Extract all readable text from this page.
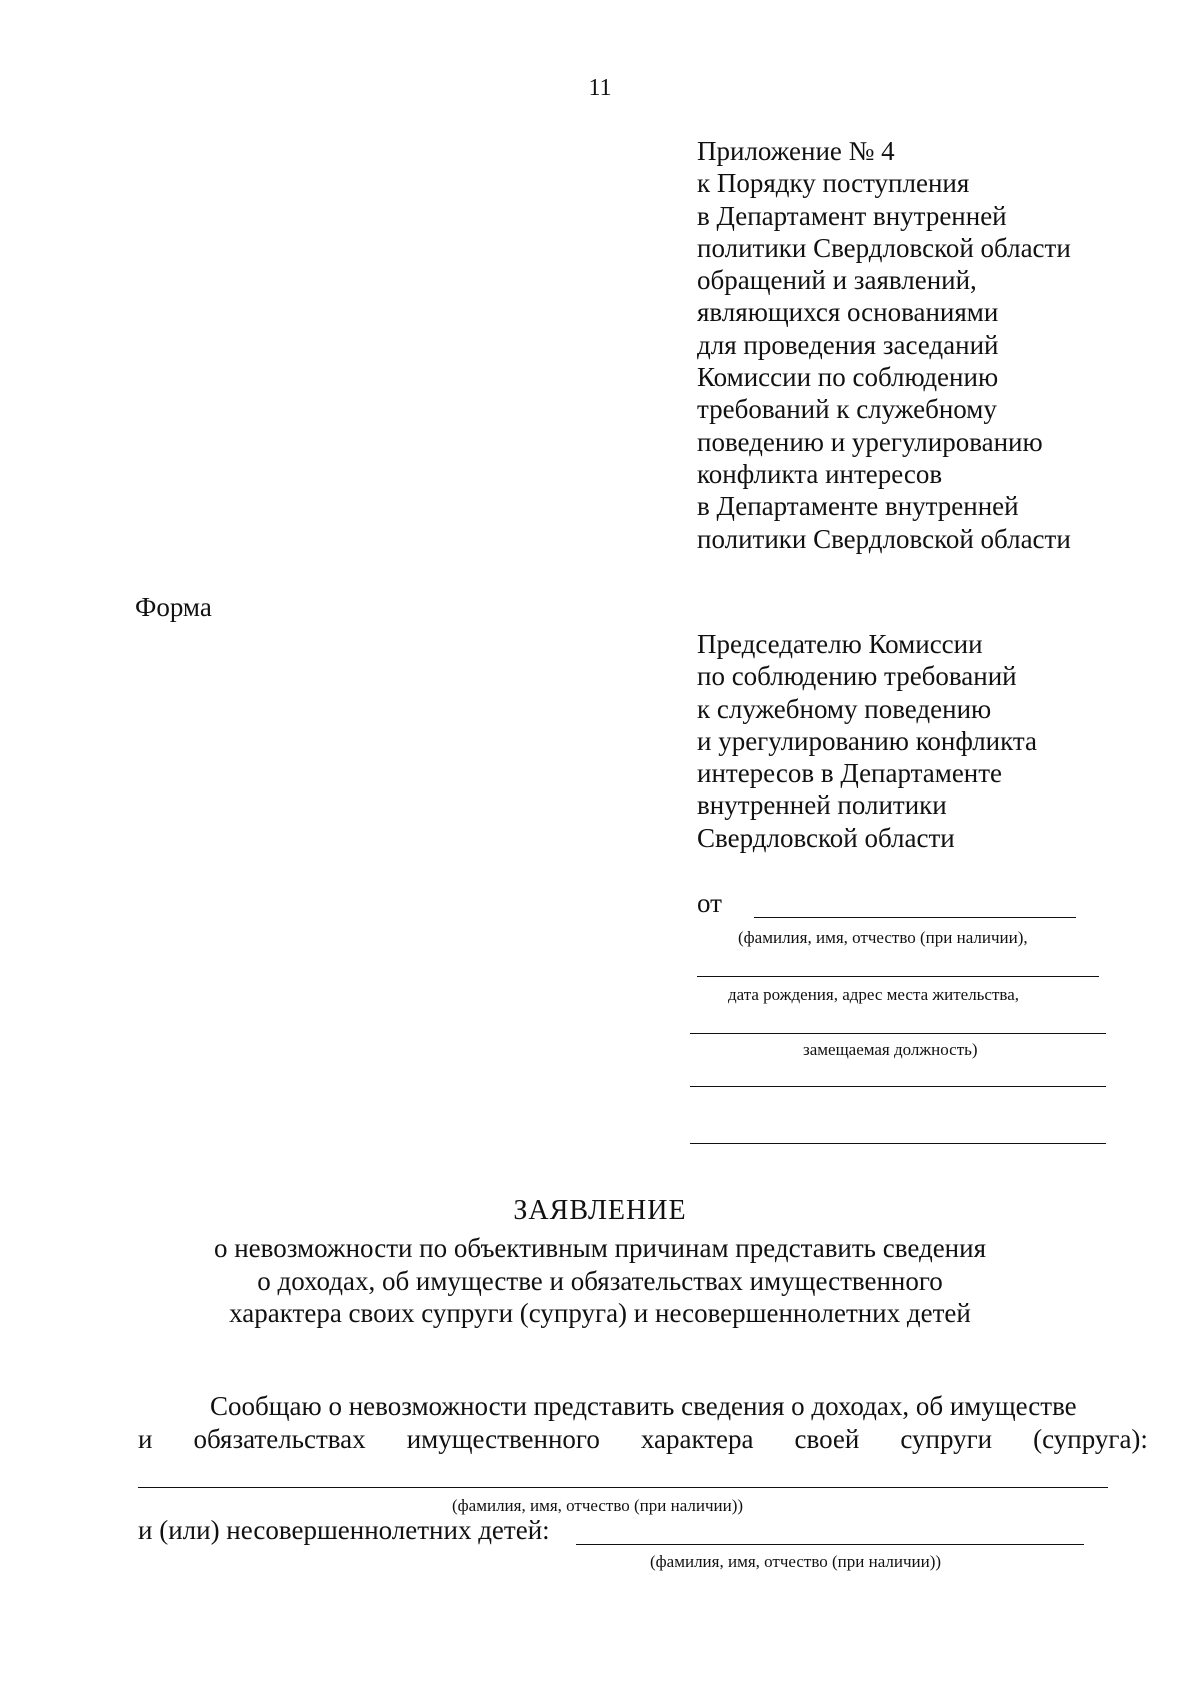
11
Приложение № 4
к Порядку поступления
в Департамент внутренней
политики Свердловской области
обращений и заявлений,
являющихся основаниями
для проведения заседаний
Комиссии по соблюдению
требований к служебному
поведению и урегулированию
конфликта интересов
в Департаменте внутренней
политики Свердловской области
Форма
Председателю Комиссии
по соблюдению требований
к служебному поведению
и урегулированию конфликта
интересов в Департаменте
внутренней политики
Свердловской области
от
(фамилия, имя, отчество (при наличии),
дата рождения, адрес места жительства,
замещаемая должность)
ЗАЯВЛЕНИЕ
о невозможности по объективным причинам представить сведения
о доходах, об имуществе и обязательствах имущественного
характера своих супруги (супруга) и несовершеннолетних детей
Сообщаю о невозможности представить сведения о доходах, об имуществе
и обязательствах имущественного характера своей супруги (супруга):
(фамилия, имя, отчество (при наличии))
и (или) несовершеннолетних детей:
(фамилия, имя, отчество (при наличии))
